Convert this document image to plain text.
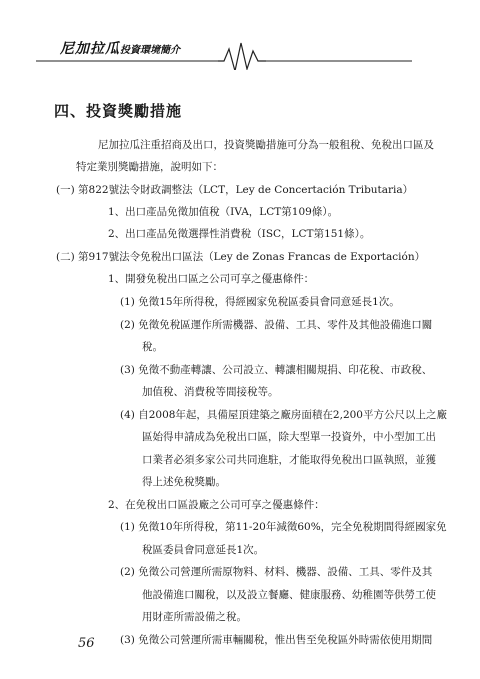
尼加拉瓜投資環境簡介
四、投資獎勵措施
尼加拉瓜注重招商及出口，投資獎勵措施可分為一般租稅、免稅出口區及
特定業別獎勵措施，說明如下：
(一) 第822號法令財政調整法（LCT，Ley de Concertación Tributaria）
1、出口產品免徵加值稅（IVA，LCT第109條）。
2、出口產品免徵選擇性消費稅（ISC，LCT第151條）。
(二) 第917號法令免稅出口區法（Ley de Zonas Francas de Exportación）
1、開發免稅出口區之公司可享之優惠條件：
(1) 免徵15年所得稅，得經國家免稅區委員會同意延長1次。
(2) 免徵免稅區運作所需機器、設備、工具、零件及其他設備進口關
稅。
(3) 免徵不動產轉讓、公司設立、轉讓相關規捐、印花稅、市政稅、
加值稅、消費稅等間接稅等。
(4) 自2008年起，具備屋頂建築之廠房面積在2,200平方公尺以上之廠
區始得申請成為免稅出口區，除大型單一投資外，中小型加工出
口業者必須多家公司共同進駐，才能取得免稅出口區執照，並獲
得上述免稅獎勵。
2、在免稅出口區設廠之公司可享之優惠條件：
(1) 免徵10年所得稅，第11-20年減徵60%，完全免稅期間得經國家免
稅區委員會同意延長1次。
(2) 免徵公司營運所需原物料、材料、機器、設備、工具、零件及其
他設備進口關稅，以及設立餐廳、健康服務、幼稚園等供勞工使
用財產所需設備之稅。
(3) 免徵公司營運所需車輛關稅，惟出售至免稅區外時需依使用期間
56
